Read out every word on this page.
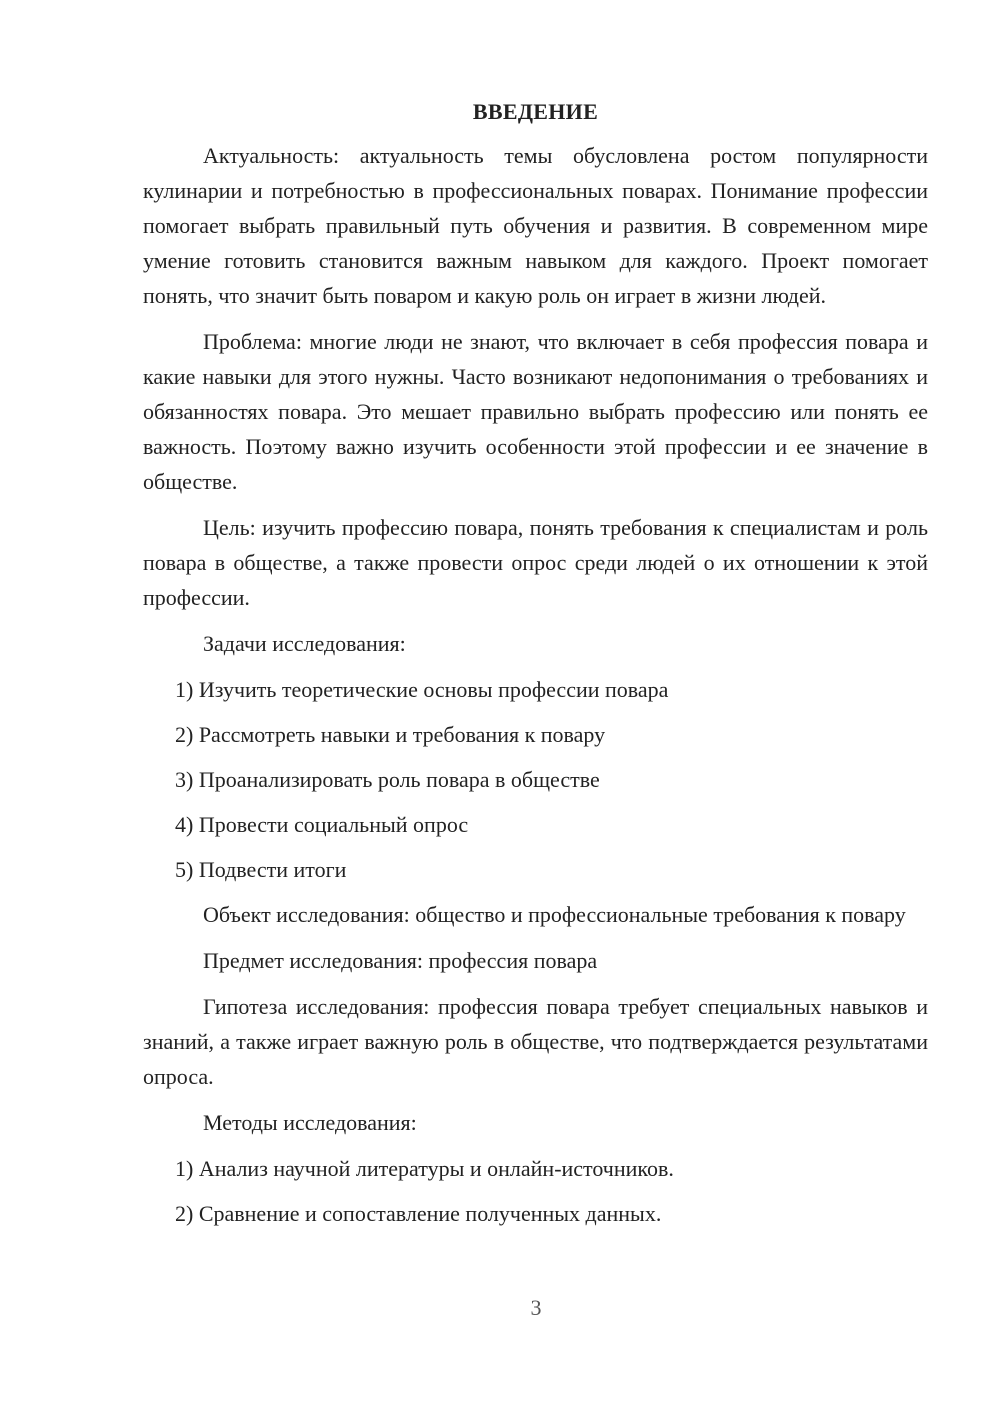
ВВЕДЕНИЕ

Актуальность: актуальность темы обусловлена ростом популярности кулинарии и потребностью в профессиональных поварах. Понимание профессии помогает выбрать правильный путь обучения и развития. В современном мире умение готовить становится важным навыком для каждого. Проект помогает понять, что значит быть поваром и какую роль он играет в жизни людей.

Проблема: многие люди не знают, что включает в себя профессия повара и какие навыки для этого нужны. Часто возникают недопонимания о требованиях и обязанностях повара. Это мешает правильно выбрать профессию или понять ее важность. Поэтому важно изучить особенности этой профессии и ее значение в обществе.

Цель: изучить профессию повара, понять требования к специалистам и роль повара в обществе, а также провести опрос среди людей о их отношении к этой профессии.

Задачи исследования:

1) Изучить теоретические основы профессии повара

2) Рассмотреть навыки и требования к повару

3) Проанализировать роль повара в обществе

4) Провести социальный опрос

5) Подвести итоги

Объект исследования: общество и профессиональные требования к повару

Предмет исследования: профессия повара

Гипотеза исследования: профессия повара требует специальных навыков и знаний, а также играет важную роль в обществе, что подтверждается результатами опроса.

Методы исследования:

1) Анализ научной литературы и онлайн-источников.

2) Сравнение и сопоставление полученных данных.

3
